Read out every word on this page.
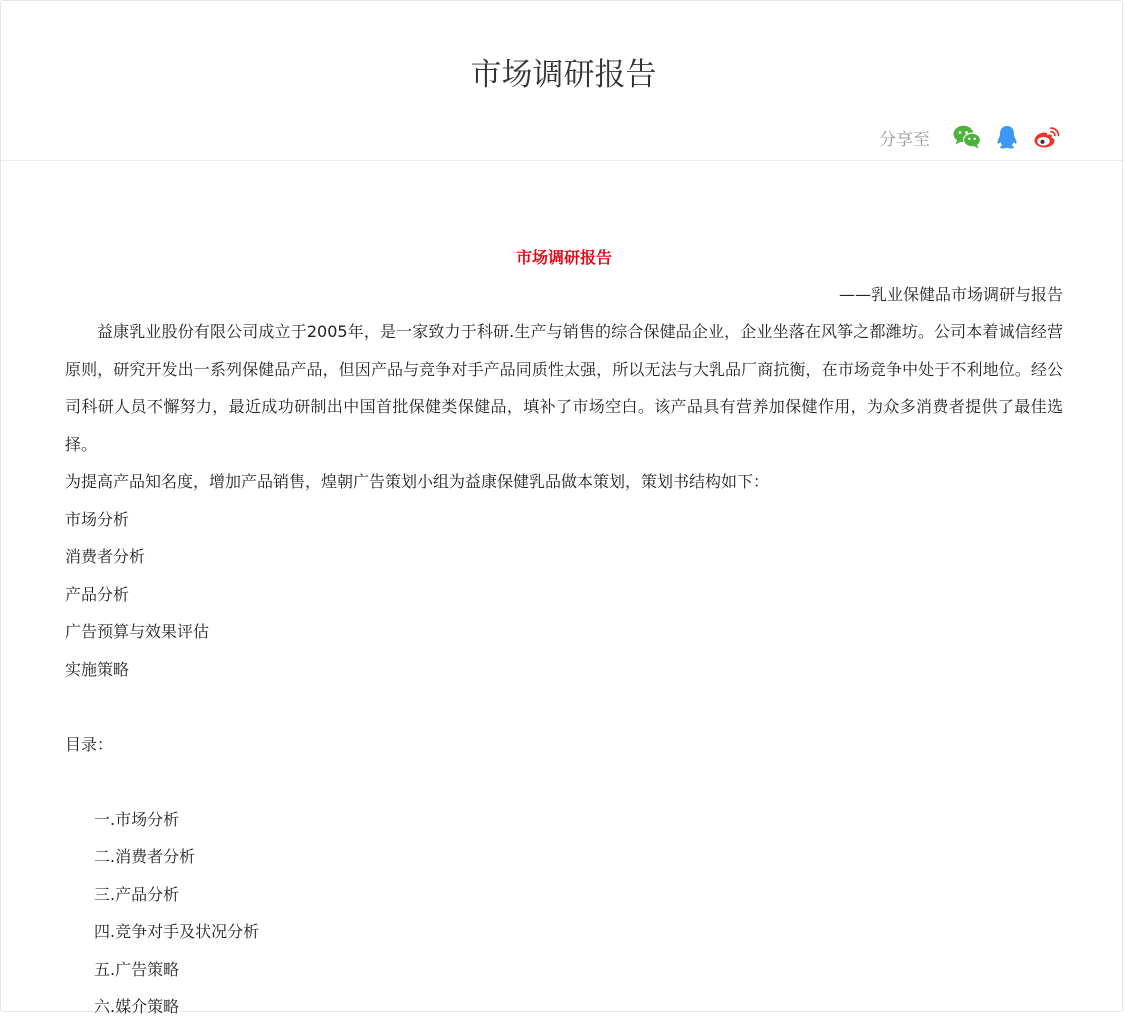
市场调研报告
分享至

市场调研报告

——乳业保健品市场调研与报告

益康乳业股份有限公司成立于2005年，是一家致力于科研.生产与销售的综合保健品企业，企业坐落在风筝之都潍坊。公司本着诚信经营原则，研究开发出一系列保健品产品，但因产品与竞争对手产品同质性太强，所以无法与大乳品厂商抗衡，在市场竞争中处于不利地位。经公司科研人员不懈努力，最近成功研制出中国首批保健类保健品，填补了市场空白。该产品具有营养加保健作用，为众多消费者提供了最佳选择。

为提高产品知名度，增加产品销售，煌朝广告策划小组为益康保健乳品做本策划，策划书结构如下：

市场分析

消费者分析

产品分析

广告预算与效果评估

实施策略

目录：

一.市场分析

二.消费者分析

三.产品分析

四.竞争对手及状况分析

五.广告策略

六.媒介策略
